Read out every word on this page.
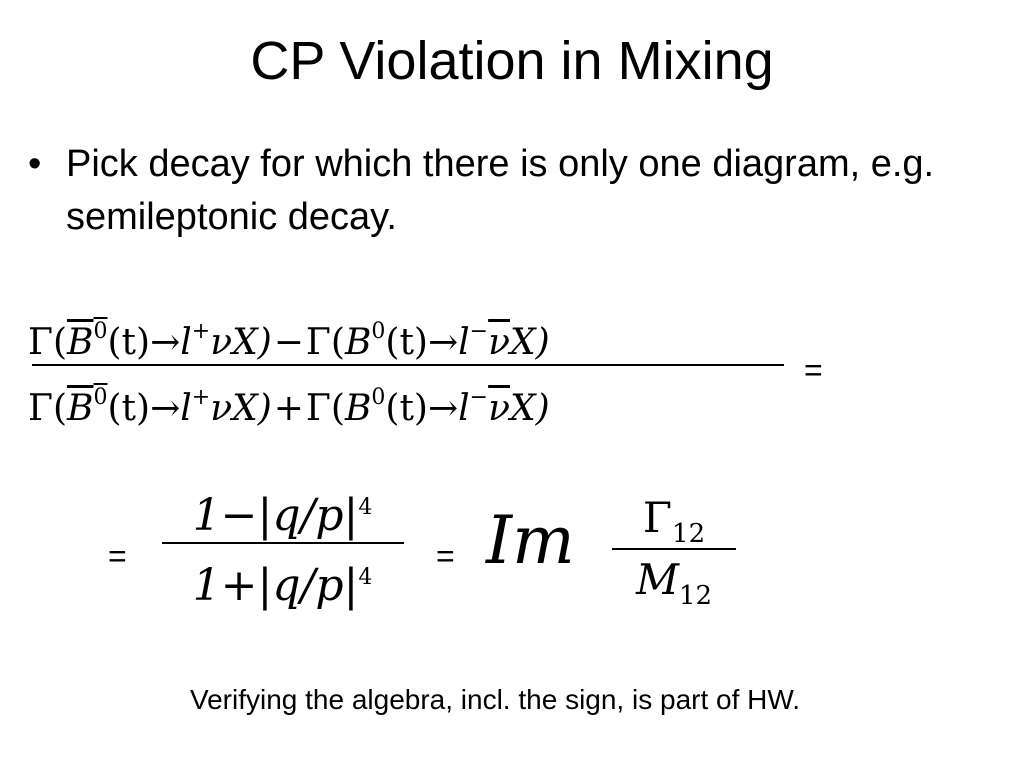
CP Violation in Mixing
• Pick decay for which there is only one diagram, e.g. semileptonic decay.
$\Gamma(\overline{B}^0(t)\to l^+\nu X)-\Gamma(B^0(t)\to l^-\overline{\nu}X)$
$\Gamma(\overline{B}^0(t)\to l^+\nu X)+\Gamma(B^0(t)\to l^-\overline{\nu}X)$
=
=
$1-|q/p|^4$
$1+|q/p|^4$
= Im	$\Gamma_{12}$
$M_{12}$
Verifying the algebra, incl. the sign, is part of HW.
